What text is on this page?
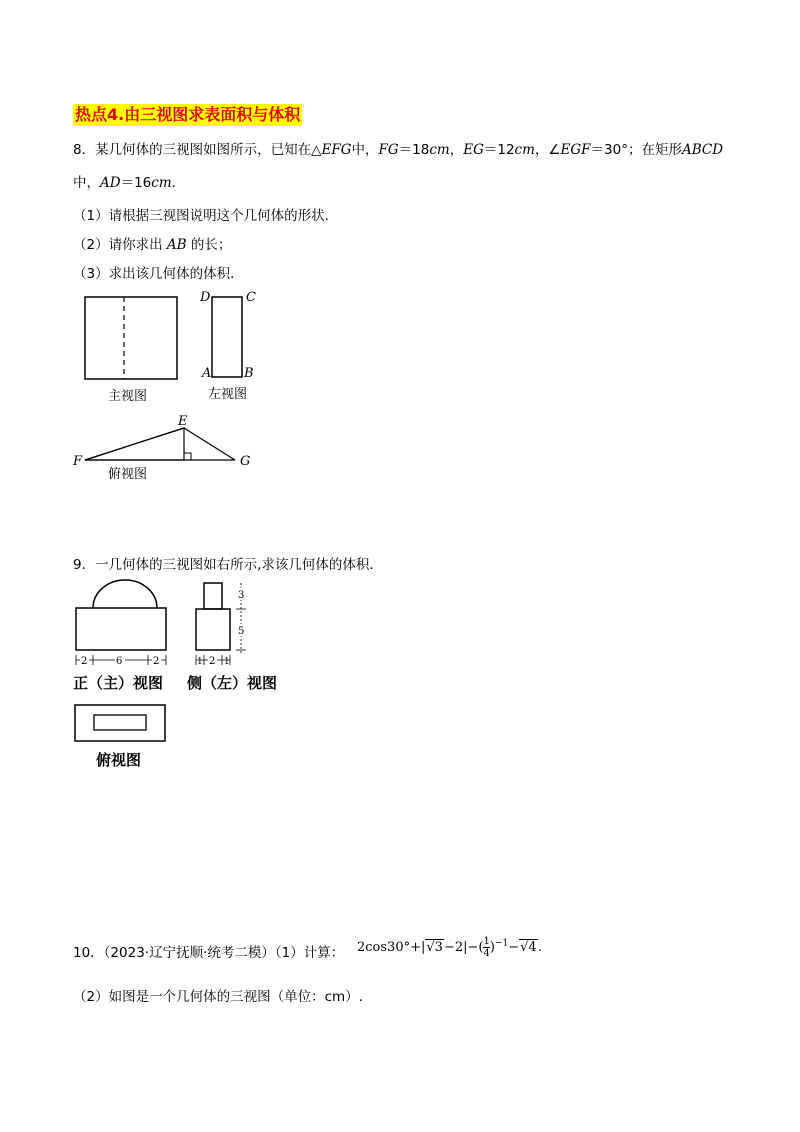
热点4.由三视图求表面积与体积
8．某几何体的三视图如图所示，已知在△EFG中，FG＝18cm，EG＝12cm，∠EGF＝30°；在矩形ABCD
中，AD＝16cm.
（1）请根据三视图说明这个几何体的形状.
（2）请你求出 AB 的长；
（3）求出该几何体的体积.
D	C
A	B
E
F	G
主视图	左视图
俯视图
9．一几何体的三视图如右所示,求该几何体的体积.
2	6	2	1 2 1
3
5
正（主）视图 侧（左）视图
俯视图
10．（2023·辽宁抚顺·统考二模）（1）计算： $2\cos 30^\circ+|√3-2|-( \frac{1}{4} )^{-1}-√4$.
（2）如图是一个几何体的三视图（单位：cm）.
